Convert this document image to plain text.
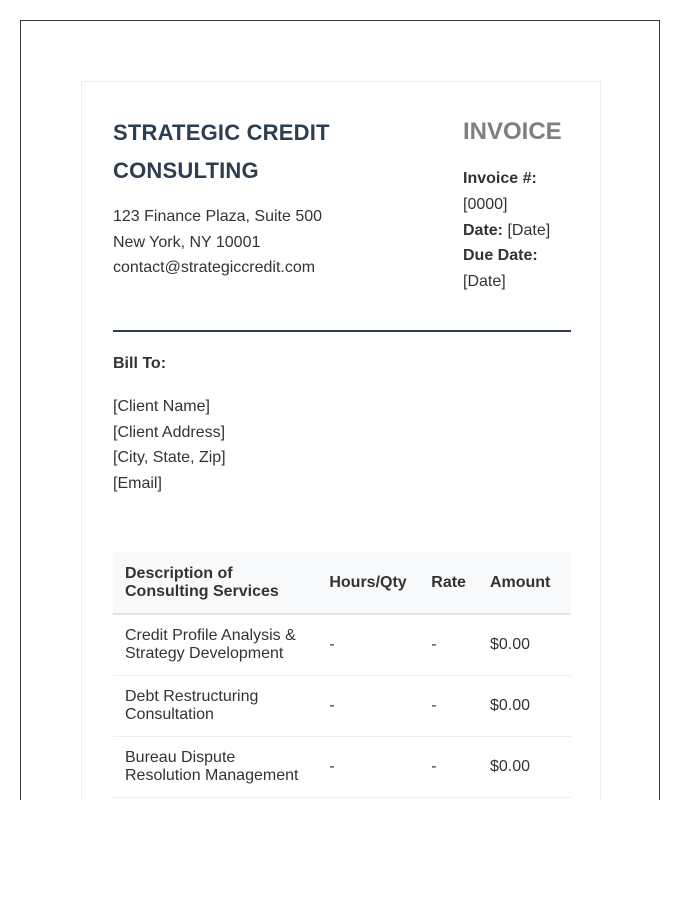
STRATEGIC CREDIT CONSULTING
123 Finance Plaza, Suite 500
New York, NY 10001
contact@strategiccredit.com
INVOICE
Invoice #:
[0000]
Date: [Date]
Due Date:
[Date]
Bill To:
[Client Name]
[Client Address]
[City, State, Zip]
[Email]
Description of Consulting Services	Hours/Qty	Rate	Amount
Credit Profile Analysis & Strategy Development	-	-	$0.00
Debt Restructuring Consultation	-	-	$0.00
Bureau Dispute Resolution Management	-	-	$0.00
